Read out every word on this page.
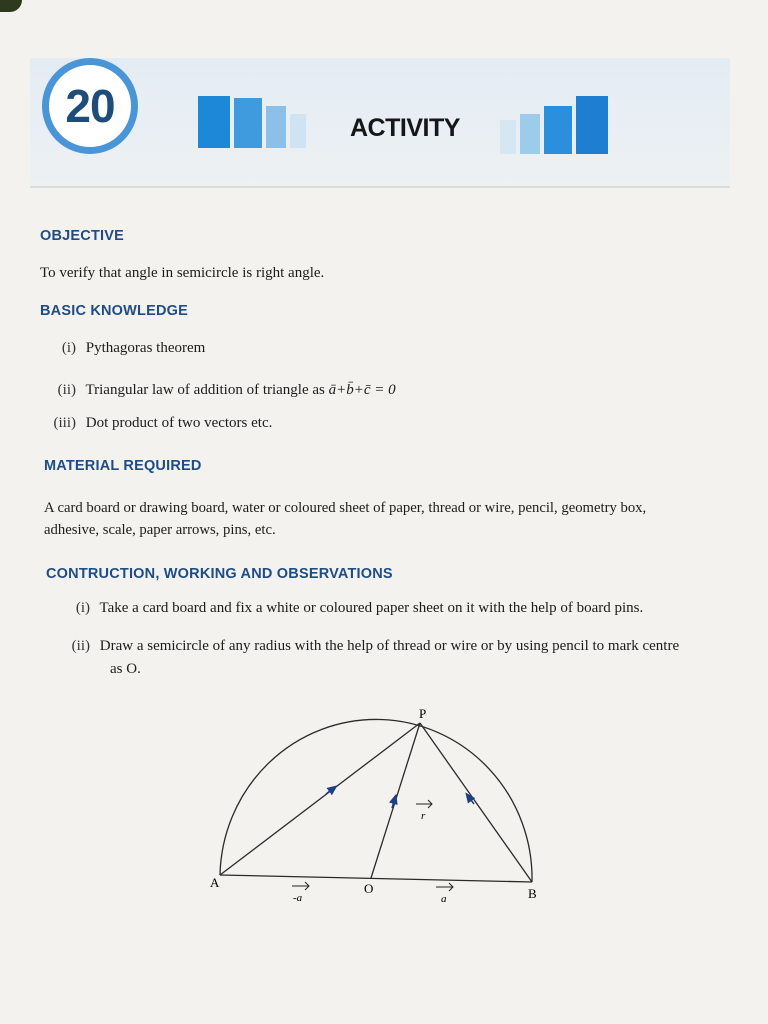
20	ACTIVITY
OBJECTIVE
To verify that angle in semicircle is right angle.
BASIC KNOWLEDGE
(i) Pythagoras theorem
(ii) Triangular law of addition of triangle as ā+b̄+c̄ = 0
(iii) Dot product of two vectors etc.
MATERIAL REQUIRED
A card board or drawing board, water or coloured sheet of paper, thread or wire, pencil, geometry box,
adhesive, scale, paper arrows, pins, etc.
CONTRUCTION, WORKING AND OBSERVATIONS
(i) Take a card board and fix a white or coloured paper sheet on it with the help of board pins.
(ii) Draw a semicircle of any radius with the help of thread or wire or by using pencil to mark centre
as O.
P
A	O	B
r
-a	a
